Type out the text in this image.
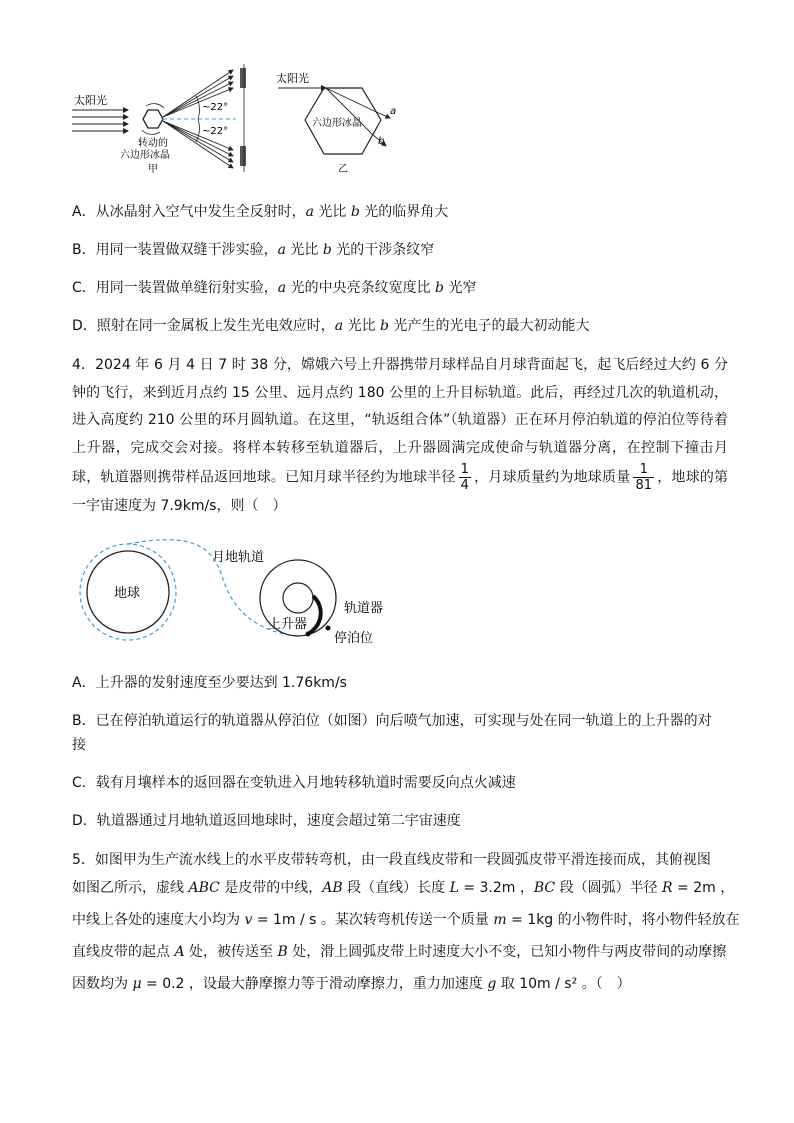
太阳光
转动的
六边形冰晶
甲
~22°
~22°
太阳光
六边形冰晶
a
b
乙
A．从冰晶射入空气中发生全反射时，a 光比 b 光的临界角大
B．用同一装置做双缝干涉实验，a 光比 b 光的干涉条纹窄
C．用同一装置做单缝衍射实验，a 光的中央亮条纹宽度比 b 光窄
D．照射在同一金属板上发生光电效应时，a 光比 b 光产生的光电子的最大初动能大
4．2024 年 6 月 4 日 7 时 38 分，嫦娥六号上升器携带月球样品自月球背面起飞，起飞后经过大约 6 分钟的飞行，来到近月点约 15 公里、远月点约 180 公里的上升目标轨道。此后，再经过几次的轨道机动，进入高度约 210 公里的环月圆轨道。在这里，“轨返组合体”（轨道器）正在环月停泊轨道的停泊位等待着上升器，完成交会对接。将样本转移至轨道器后，上升器圆满完成使命与轨道器分离，在控制下撞击月球，轨道器则携带样品返回地球。已知月球半径约为地球半径 $\frac{1}{4}$ ，月球质量约为地球质量 $\frac{1}{81}$ ，地球的第一宇宙速度为 7.9km/s，则（　）
地球
月地轨道
轨道器
上升器
停泊位
A．上升器的发射速度至少要达到 1.76km/s
B．已在停泊轨道运行的轨道器从停泊位（如图）向后喷气加速，可实现与处在同一轨道上的上升器的对
接
C．载有月壤样本的返回器在变轨进入月地转移轨道时需要反向点火减速
D．轨道器通过月地轨道返回地球时，速度会超过第二宇宙速度
5．如图甲为生产流水线上的水平皮带转弯机，由一段直线皮带和一段圆弧皮带平滑连接而成，其俯视图
如图乙所示，虚线 ABC 是皮带的中线，AB 段（直线）长度 L = 3.2m ，BC 段（圆弧）半径 R = 2m ，
中线上各处的速度大小均为 v = 1m / s 。某次转弯机传送一个质量 m = 1kg 的小物件时，将小物件轻放在
直线皮带的起点 A 处，被传送至 B 处，滑上圆弧皮带上时速度大小不变，已知小物件与两皮带间的动摩擦
因数均为 μ = 0.2 ，设最大静摩擦力等于滑动摩擦力，重力加速度 g 取 10m / s² 。（　）
